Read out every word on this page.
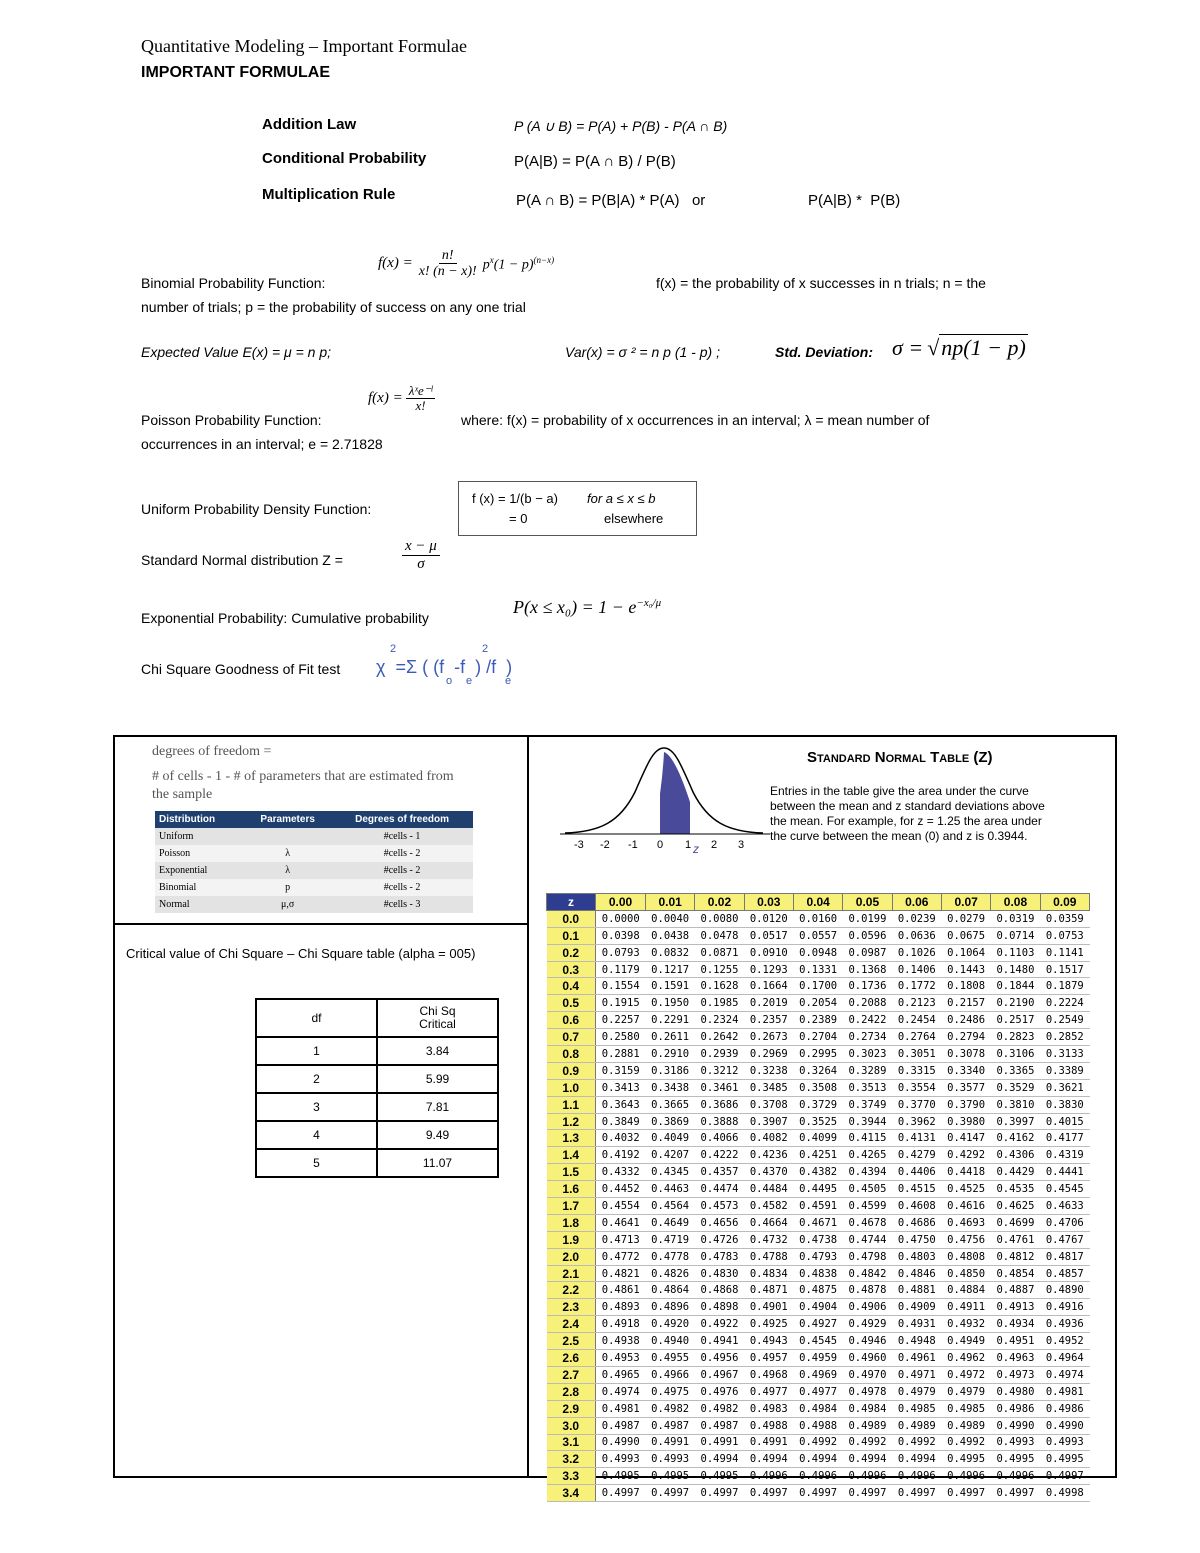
Quantitative Modeling – Important Formulae
IMPORTANT FORMULAE
Addition Law	P (A ∪ B) = P(A) + P(B) - P(A ∩ B)
Conditional Probability	P(A|B) = P(A ∩ B) / P(B)
Multiplication Rule	P(A ∩ B) = P(B|A) * P(A)   or	P(A|B) *  P(B)
$f(x) = \frac{n!}{x! (n - x)!} p^x(1 - p)^{(n-x)}$
Binomial Probability Function:	f(x) = the probability of x successes in n trials; n = the
number of trials; p = the probability of success on any one trial
Expected Value E(x) = μ = n p;	Var(x) = σ ² = n p (1 - p) ;	Std. Deviation: σ = √ np(1 − p)
$f(x) = \frac{\text{λˣe⁻ˡ}}{x!}$
Poisson Probability Function:	where: f(x) = probability of x occurrences in an interval; λ = mean number of
occurrences in an interval; e = 2.71828
Uniform Probability Density Function:
f (x) = 1/(b − a) for a ≤ x ≤ b
= 0	elsewhere
Standard Normal distribution Z =	$\frac{x - \mu}{\sigma}$
Exponential Probability: Cumulative probability
$P(x \le x_0) = 1 - e^{-x_0/\mu}$
Chi Square Goodness of Fit test χ  =Σ ( (f  -f  ) /f  )
2	2
o e	e
degrees of freedom =
# of cells - 1 - # of parameters that are estimated from
the sample
Distribution	Parameters	Degrees of freedom
Uniform		#cells - 1
Poisson	λ	#cells - 2
Exponential	λ	#cells - 2
Binomial	p	#cells - 2
Normal	μ,σ	#cells - 3
Critical value of Chi Square – Chi Square table (alpha = 005)
df	Chi Sq
Critical

1	3.84
2	5.99
3	7.81
4	9.49
5	11.07
-3 -2 -1 0 1 2 3
z
Standard Normal Table (Z)
Entries in the table give the area under the curve
between the mean and z standard deviations above
the mean. For example, for z = 1.25 the area under
the curve between the mean (0) and z is 0.3944.
z	0.00	0.01	0.02	0.03	0.04	0.05	0.06	0.07	0.08	0.09
0.0	0.0000	0.0040	0.0080	0.0120	0.0160	0.0199	0.0239	0.0279	0.0319	0.0359
0.1	0.0398	0.0438	0.0478	0.0517	0.0557	0.0596	0.0636	0.0675	0.0714	0.0753
0.2	0.0793	0.0832	0.0871	0.0910	0.0948	0.0987	0.1026	0.1064	0.1103	0.1141
0.3	0.1179	0.1217	0.1255	0.1293	0.1331	0.1368	0.1406	0.1443	0.1480	0.1517
0.4	0.1554	0.1591	0.1628	0.1664	0.1700	0.1736	0.1772	0.1808	0.1844	0.1879
0.5	0.1915	0.1950	0.1985	0.2019	0.2054	0.2088	0.2123	0.2157	0.2190	0.2224
0.6	0.2257	0.2291	0.2324	0.2357	0.2389	0.2422	0.2454	0.2486	0.2517	0.2549
0.7	0.2580	0.2611	0.2642	0.2673	0.2704	0.2734	0.2764	0.2794	0.2823	0.2852
0.8	0.2881	0.2910	0.2939	0.2969	0.2995	0.3023	0.3051	0.3078	0.3106	0.3133
0.9	0.3159	0.3186	0.3212	0.3238	0.3264	0.3289	0.3315	0.3340	0.3365	0.3389
1.0	0.3413	0.3438	0.3461	0.3485	0.3508	0.3513	0.3554	0.3577	0.3529	0.3621
1.1	0.3643	0.3665	0.3686	0.3708	0.3729	0.3749	0.3770	0.3790	0.3810	0.3830
1.2	0.3849	0.3869	0.3888	0.3907	0.3525	0.3944	0.3962	0.3980	0.3997	0.4015
1.3	0.4032	0.4049	0.4066	0.4082	0.4099	0.4115	0.4131	0.4147	0.4162	0.4177
1.4	0.4192	0.4207	0.4222	0.4236	0.4251	0.4265	0.4279	0.4292	0.4306	0.4319
1.5	0.4332	0.4345	0.4357	0.4370	0.4382	0.4394	0.4406	0.4418	0.4429	0.4441
1.6	0.4452	0.4463	0.4474	0.4484	0.4495	0.4505	0.4515	0.4525	0.4535	0.4545
1.7	0.4554	0.4564	0.4573	0.4582	0.4591	0.4599	0.4608	0.4616	0.4625	0.4633
1.8	0.4641	0.4649	0.4656	0.4664	0.4671	0.4678	0.4686	0.4693	0.4699	0.4706
1.9	0.4713	0.4719	0.4726	0.4732	0.4738	0.4744	0.4750	0.4756	0.4761	0.4767
2.0	0.4772	0.4778	0.4783	0.4788	0.4793	0.4798	0.4803	0.4808	0.4812	0.4817
2.1	0.4821	0.4826	0.4830	0.4834	0.4838	0.4842	0.4846	0.4850	0.4854	0.4857
2.2	0.4861	0.4864	0.4868	0.4871	0.4875	0.4878	0.4881	0.4884	0.4887	0.4890
2.3	0.4893	0.4896	0.4898	0.4901	0.4904	0.4906	0.4909	0.4911	0.4913	0.4916
2.4	0.4918	0.4920	0.4922	0.4925	0.4927	0.4929	0.4931	0.4932	0.4934	0.4936
2.5	0.4938	0.4940	0.4941	0.4943	0.4545	0.4946	0.4948	0.4949	0.4951	0.4952
2.6	0.4953	0.4955	0.4956	0.4957	0.4959	0.4960	0.4961	0.4962	0.4963	0.4964
2.7	0.4965	0.4966	0.4967	0.4968	0.4969	0.4970	0.4971	0.4972	0.4973	0.4974
2.8	0.4974	0.4975	0.4976	0.4977	0.4977	0.4978	0.4979	0.4979	0.4980	0.4981
2.9	0.4981	0.4982	0.4982	0.4983	0.4984	0.4984	0.4985	0.4985	0.4986	0.4986
3.0	0.4987	0.4987	0.4987	0.4988	0.4988	0.4989	0.4989	0.4989	0.4990	0.4990
3.1	0.4990	0.4991	0.4991	0.4991	0.4992	0.4992	0.4992	0.4992	0.4993	0.4993
3.2	0.4993	0.4993	0.4994	0.4994	0.4994	0.4994	0.4994	0.4995	0.4995	0.4995
3.3	0.4995	0.4995	0.4995	0.4996	0.4996	0.4996	0.4996	0.4996	0.4996	0.4997
3.4	0.4997	0.4997	0.4997	0.4997	0.4997	0.4997	0.4997	0.4997	0.4997	0.4998
